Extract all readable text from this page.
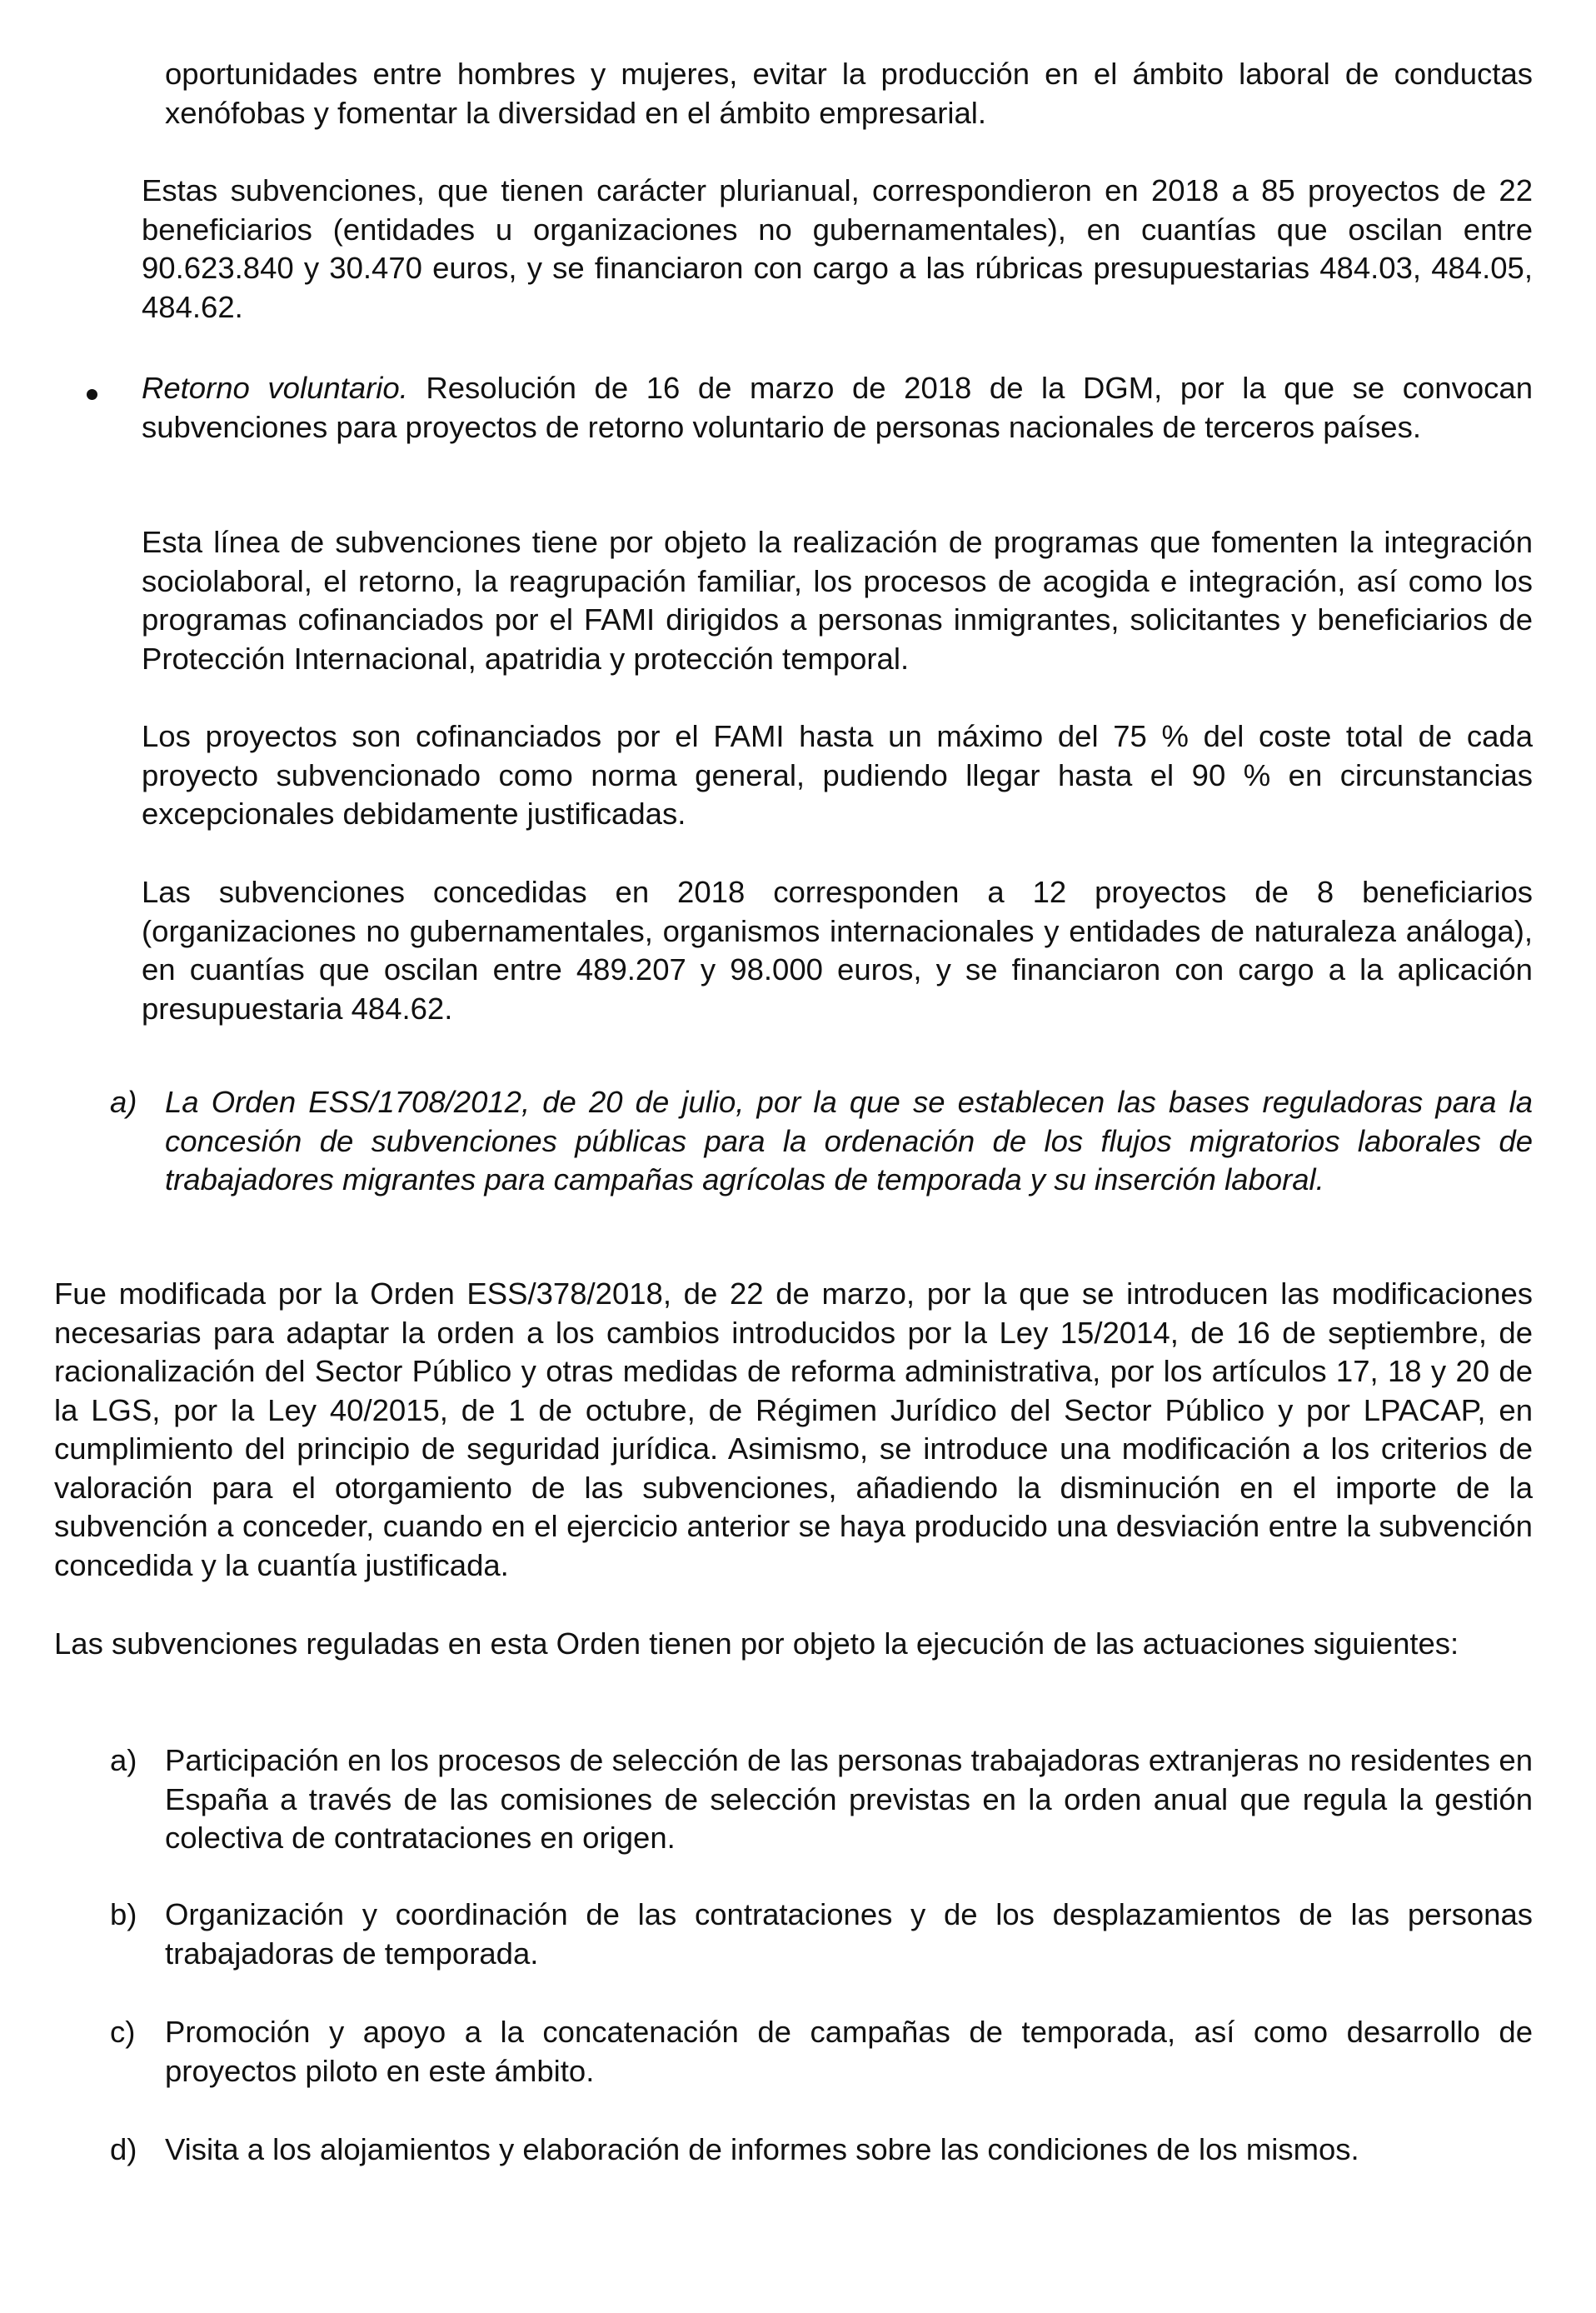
oportunidades entre hombres y mujeres, evitar la producción en el ámbito laboral de conductas xenófobas y fomentar la diversidad en el ámbito empresarial.

Estas subvenciones, que tienen carácter plurianual, correspondieron en 2018 a 85 proyectos de 22 beneficiarios (entidades u organizaciones no gubernamentales), en cuantías que oscilan entre 90.623.840 y 30.470 euros, y se financiaron con cargo a las rúbricas presupuestarias 484.03, 484.05, 484.62.

Retorno voluntario. Resolución de 16 de marzo de 2018 de la DGM, por la que se convocan subvenciones para proyectos de retorno voluntario de personas nacionales de terceros países.

Esta línea de subvenciones tiene por objeto la realización de programas que fomenten la integración sociolaboral, el retorno, la reagrupación familiar, los procesos de acogida e integración, así como los programas cofinanciados por el FAMI dirigidos a personas inmigrantes, solicitantes y beneficiarios de Protección Internacional, apatridia y protección temporal.

Los proyectos son cofinanciados por el FAMI hasta un máximo del 75 % del coste total de cada proyecto subvencionado como norma general, pudiendo llegar hasta el 90 % en circunstancias excepcionales debidamente justificadas.

Las subvenciones concedidas en 2018 corresponden a 12 proyectos de 8 beneficiarios (organizaciones no gubernamentales, organismos internacionales y entidades de naturaleza análoga), en cuantías que oscilan entre 489.207 y 98.000 euros, y se financiaron con cargo a la aplicación presupuestaria 484.62.

a) La Orden ESS/1708/2012, de 20 de julio, por la que se establecen las bases reguladoras para la concesión de subvenciones públicas para la ordenación de los flujos migratorios laborales de trabajadores migrantes para campañas agrícolas de temporada y su inserción laboral.

Fue modificada por la Orden ESS/378/2018, de 22 de marzo, por la que se introducen las modificaciones necesarias para adaptar la orden a los cambios introducidos por la Ley 15/2014, de 16 de septiembre, de racionalización del Sector Público y otras medidas de reforma administrativa, por los artículos 17, 18 y 20 de la LGS, por la Ley 40/2015, de 1 de octubre, de Régimen Jurídico del Sector Público y por LPACAP, en cumplimiento del principio de seguridad jurídica. Asimismo, se introduce una modificación a los criterios de valoración para el otorgamiento de las subvenciones, añadiendo la disminución en el importe de la subvención a conceder, cuando en el ejercicio anterior se haya producido una desviación entre la subvención concedida y la cuantía justificada.

Las subvenciones reguladas en esta Orden tienen por objeto la ejecución de las actuaciones siguientes:

a) Participación en los procesos de selección de las personas trabajadoras extranjeras no residentes en España a través de las comisiones de selección previstas en la orden anual que regula la gestión colectiva de contrataciones en origen.

b) Organización y coordinación de las contrataciones y de los desplazamientos de las personas trabajadoras de temporada.

c) Promoción y apoyo a la concatenación de campañas de temporada, así como desarrollo de proyectos piloto en este ámbito.

d) Visita a los alojamientos y elaboración de informes sobre las condiciones de los mismos.
